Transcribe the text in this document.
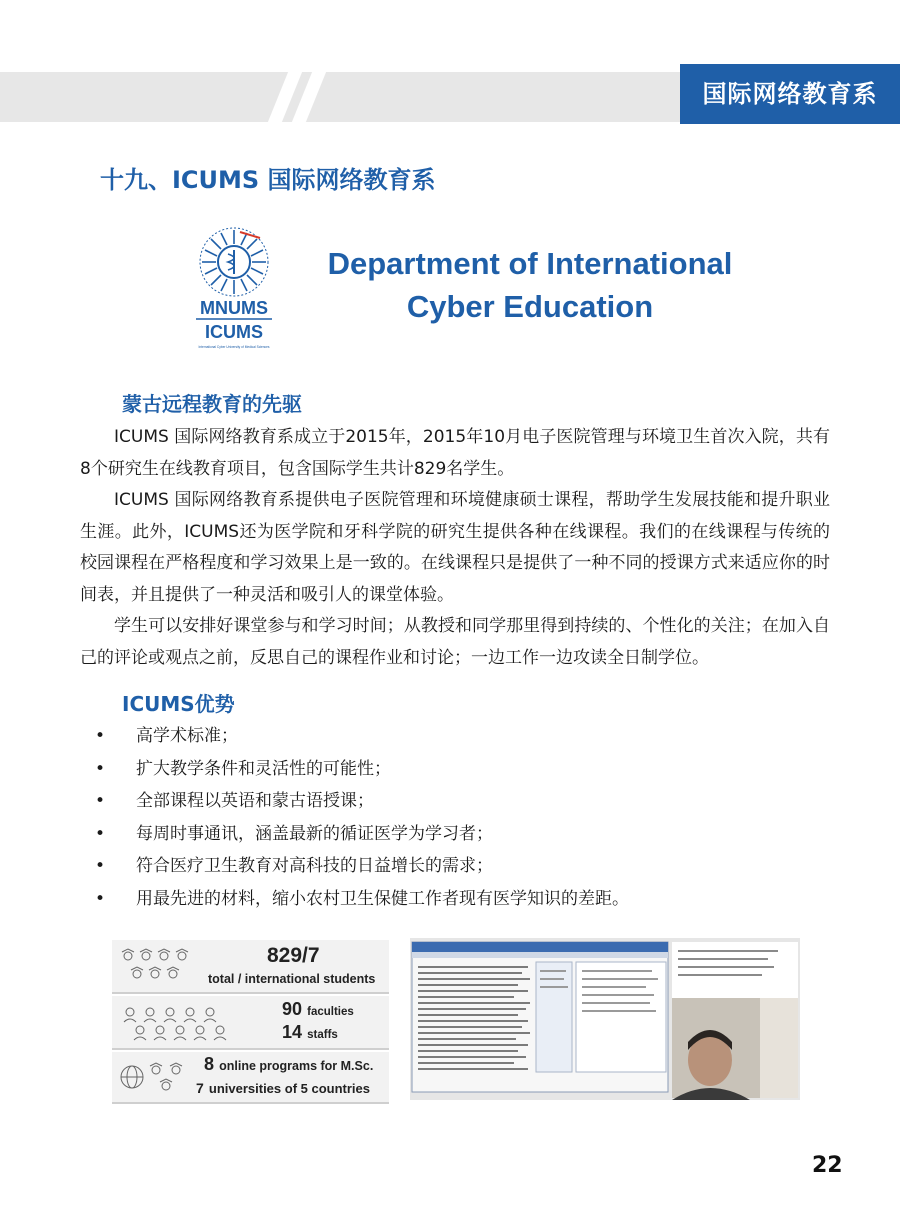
国际网络教育系
十九、ICUMS 国际网络教育系
MNUMS
ICUMS
International Cyber University of Medical Sciences
Department of International
Cyber Education
蒙古远程教育的先驱

ICUMS 国际网络教育系成立于2015年，2015年10月电子医院管理与环境卫生首次入院，共有8个研究生在线教育项目，包含国际学生共计829名学生。

ICUMS 国际网络教育系提供电子医院管理和环境健康硕士课程，帮助学生发展技能和提升职业生涯。此外，ICUMS还为医学院和牙科学院的研究生提供各种在线课程。我们的在线课程与传统的校园课程在严格程度和学习效果上是一致的。在线课程只是提供了一种不同的授课方式来适应你的时间表，并且提供了一种灵活和吸引人的课堂体验。

学生可以安排好课堂参与和学习时间；从教授和同学那里得到持续的、个性化的关注；在加入自己的评论或观点之前，反思自己的课程作业和讨论；一边工作一边攻读全日制学位。

ICUMS优势
• 高学术标准；
• 扩大教学条件和灵活性的可能性；
• 全部课程以英语和蒙古语授课；
• 每周时事通讯，涵盖最新的循证医学为学习者；
• 符合医疗卫生教育对高科技的日益增长的需求；
• 用最先进的材料，缩小农村卫生保健工作者现有医学知识的差距。
829/7
total / international students
90 faculties
14 staffs
8 online programs for M.Sc.
7 universities of 5 countries
22
